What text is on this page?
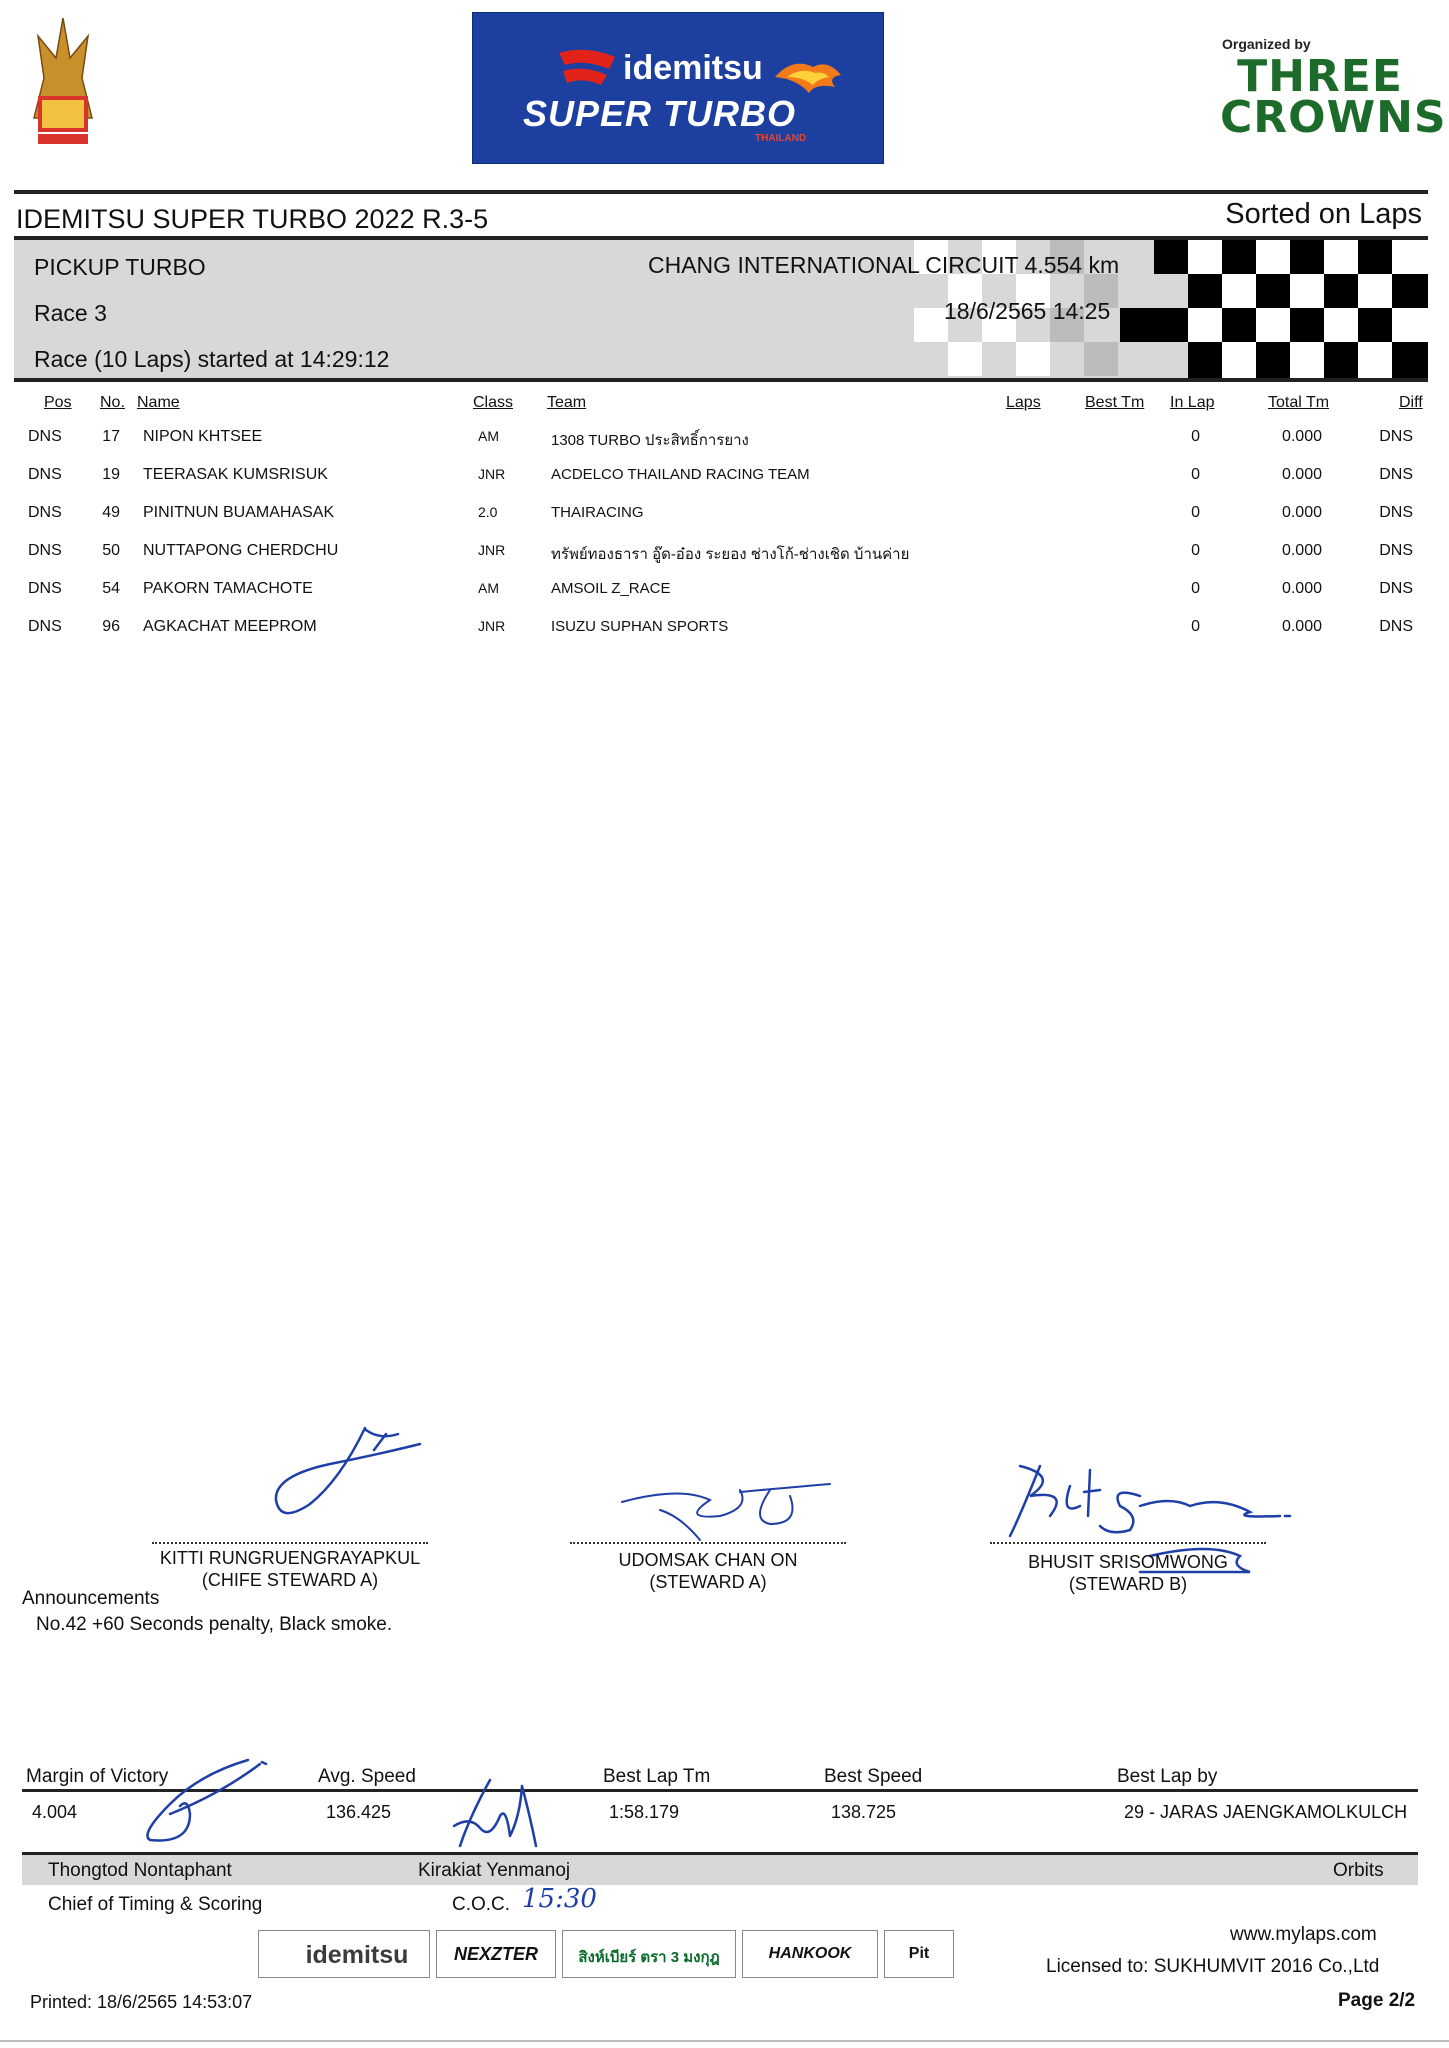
idemitsu
SUPER TURBO
THAILAND
Organized by
THREE CROWNS
IDEMITSU SUPER TURBO 2022 R.3-5	Sorted on Laps
PICKUP TURBO	CHANG INTERNATIONAL CIRCUIT 4.554 km
Race 3	18/6/2565 14:25
Race (10 Laps) started at 14:29:12
Pos No. Name	Class Team	Laps	Best Tm In Lap	Total Tm	Diff
DNS	17 NIPON KHTSEE	AM	1308 TURBO ประสิทธิ์การยาง	0	0.000	DNS
DNS	19 TEERASAK KUMSRISUK	JNR	ACDELCO THAILAND RACING TEAM	0	0.000	DNS
DNS	49 PINITNUN BUAMAHASAK	2.0	THAIRACING	0	0.000	DNS
DNS	50 NUTTAPONG CHERDCHU	JNR	ทรัพย์ทองธารา อู๊ด-อ๋อง ระยอง ช่างโก้-ช่างเชิด บ้านค่าย	0	0.000	DNS
DNS	54 PAKORN TAMACHOTE	AM	AMSOIL Z_RACE	0	0.000	DNS
DNS	96 AGKACHAT MEEPROM	JNR	ISUZU SUPHAN SPORTS	0	0.000	DNS
KITTI RUNGRUENGRAYAPKUL
(CHIFE STEWARD A)
UDOMSAK CHAN ON
(STEWARD A)
BHUSIT SRISOMWONG
(STEWARD B)
Announcements
No.42 +60 Seconds penalty, Black smoke.
Margin of Victory	Avg. Speed	Best Lap Tm	Best Speed	Best Lap by
4.004	136.425	1:58.179	138.725	29 - JARAS JAENGKAMOLKULCH
Thongtod Nontaphant	Kirakiat Yenmanoj	Orbits
Chief of Timing & Scoring	C.O.C. 15:30
idemitsu	NEXZTER	สิงห์เบียร์ ตรา 3 มงกุฎ	HANKOOK	Pit
www.mylaps.com
Licensed to: SUKHUMVIT 2016 Co.,Ltd
Printed: 18/6/2565 14:53:07	Page 2/2
